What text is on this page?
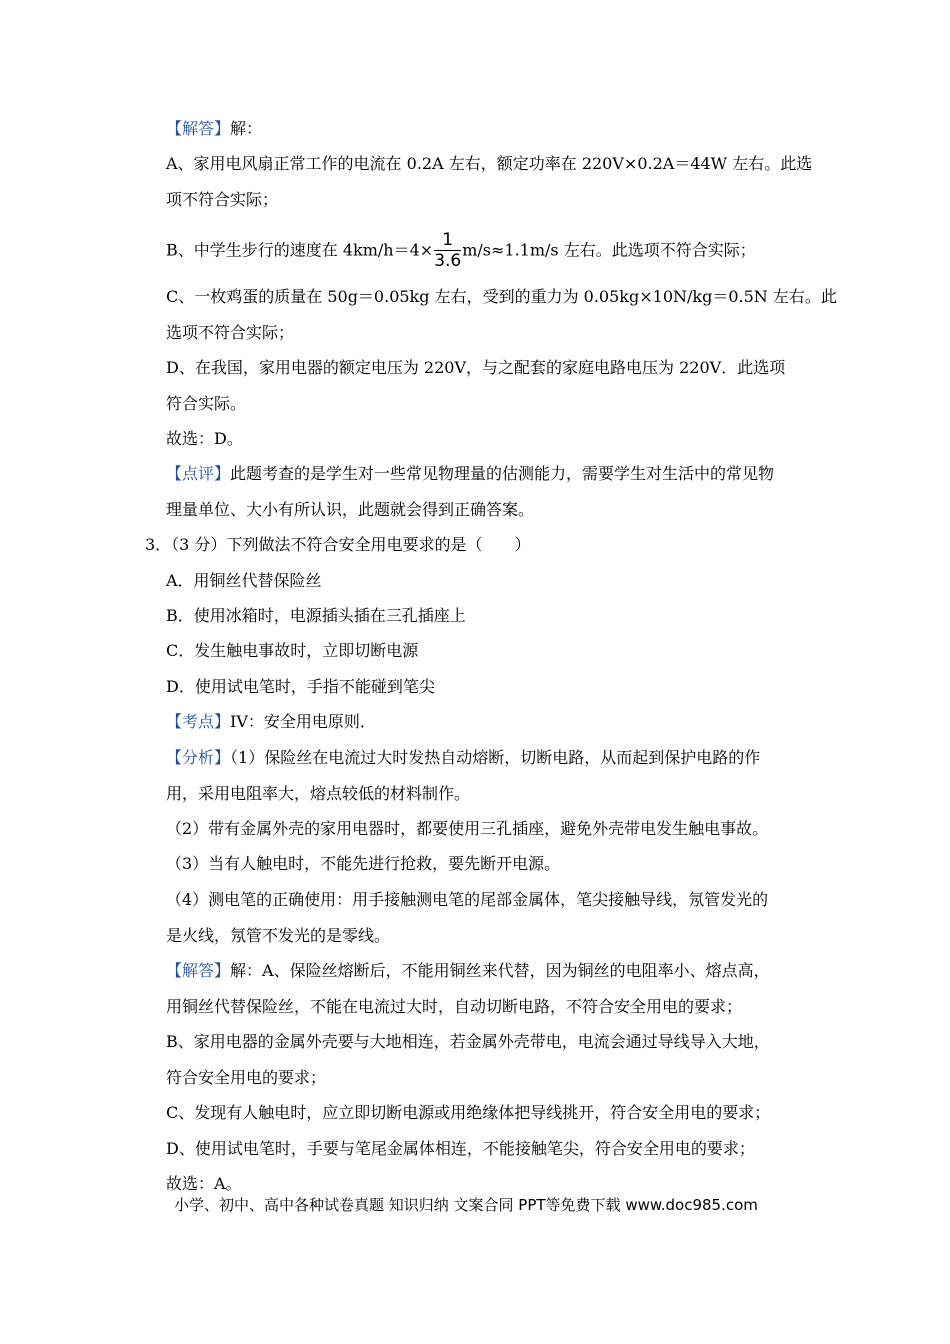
【解答】解：
A、家用电风扇正常工作的电流在 0.2A 左右，额定功率在 220V×0.2A＝44W 左右。此选
项不符合实际；
B、中学生步行的速度在 $4km/h=4\times \frac{1}{3.6} m/s\approx 1.1m/s$ 左右。此选项不符合实际；
C、一枚鸡蛋的质量在 50g＝0.05kg 左右，受到的重力为 0.05kg×10N/kg＝0.5N 左右。此
选项不符合实际；
D、在我国，家用电器的额定电压为 220V，与之配套的家庭电路电压为 220V．此选项
符合实际。
故选：D。
【点评】此题考查的是学生对一些常见物理量的估测能力，需要学生对生活中的常见物
理量单位、大小有所认识，此题就会得到正确答案。
3．（3 分）下列做法不符合安全用电要求的是（　　）
A．用铜丝代替保险丝
B．使用冰箱时，电源插头插在三孔插座上
C．发生触电事故时，立即切断电源
D．使用试电笔时，手指不能碰到笔尖
【考点】IV：安全用电原则．
【分析】（1）保险丝在电流过大时发热自动熔断，切断电路，从而起到保护电路的作
用，采用电阻率大，熔点较低的材料制作。
（2）带有金属外壳的家用电器时，都要使用三孔插座，避免外壳带电发生触电事故。
（3）当有人触电时，不能先进行抢救，要先断开电源。
（4）测电笔的正确使用：用手接触测电笔的尾部金属体，笔尖接触导线，氖管发光的
是火线，氖管不发光的是零线。
【解答】解：A、保险丝熔断后，不能用铜丝来代替，因为铜丝的电阻率小、熔点高，
用铜丝代替保险丝，不能在电流过大时，自动切断电路，不符合安全用电的要求；
B、家用电器的金属外壳要与大地相连，若金属外壳带电，电流会通过导线导入大地，
符合安全用电的要求；
C、发现有人触电时，应立即切断电源或用绝缘体把导线挑开，符合安全用电的要求；
D、使用试电笔时，手要与笔尾金属体相连，不能接触笔尖，符合安全用电的要求；
故选：A。
小学、初中、高中各种试卷真题 知识归纳 文案合同 PPT等免费下载 www.doc985.com
